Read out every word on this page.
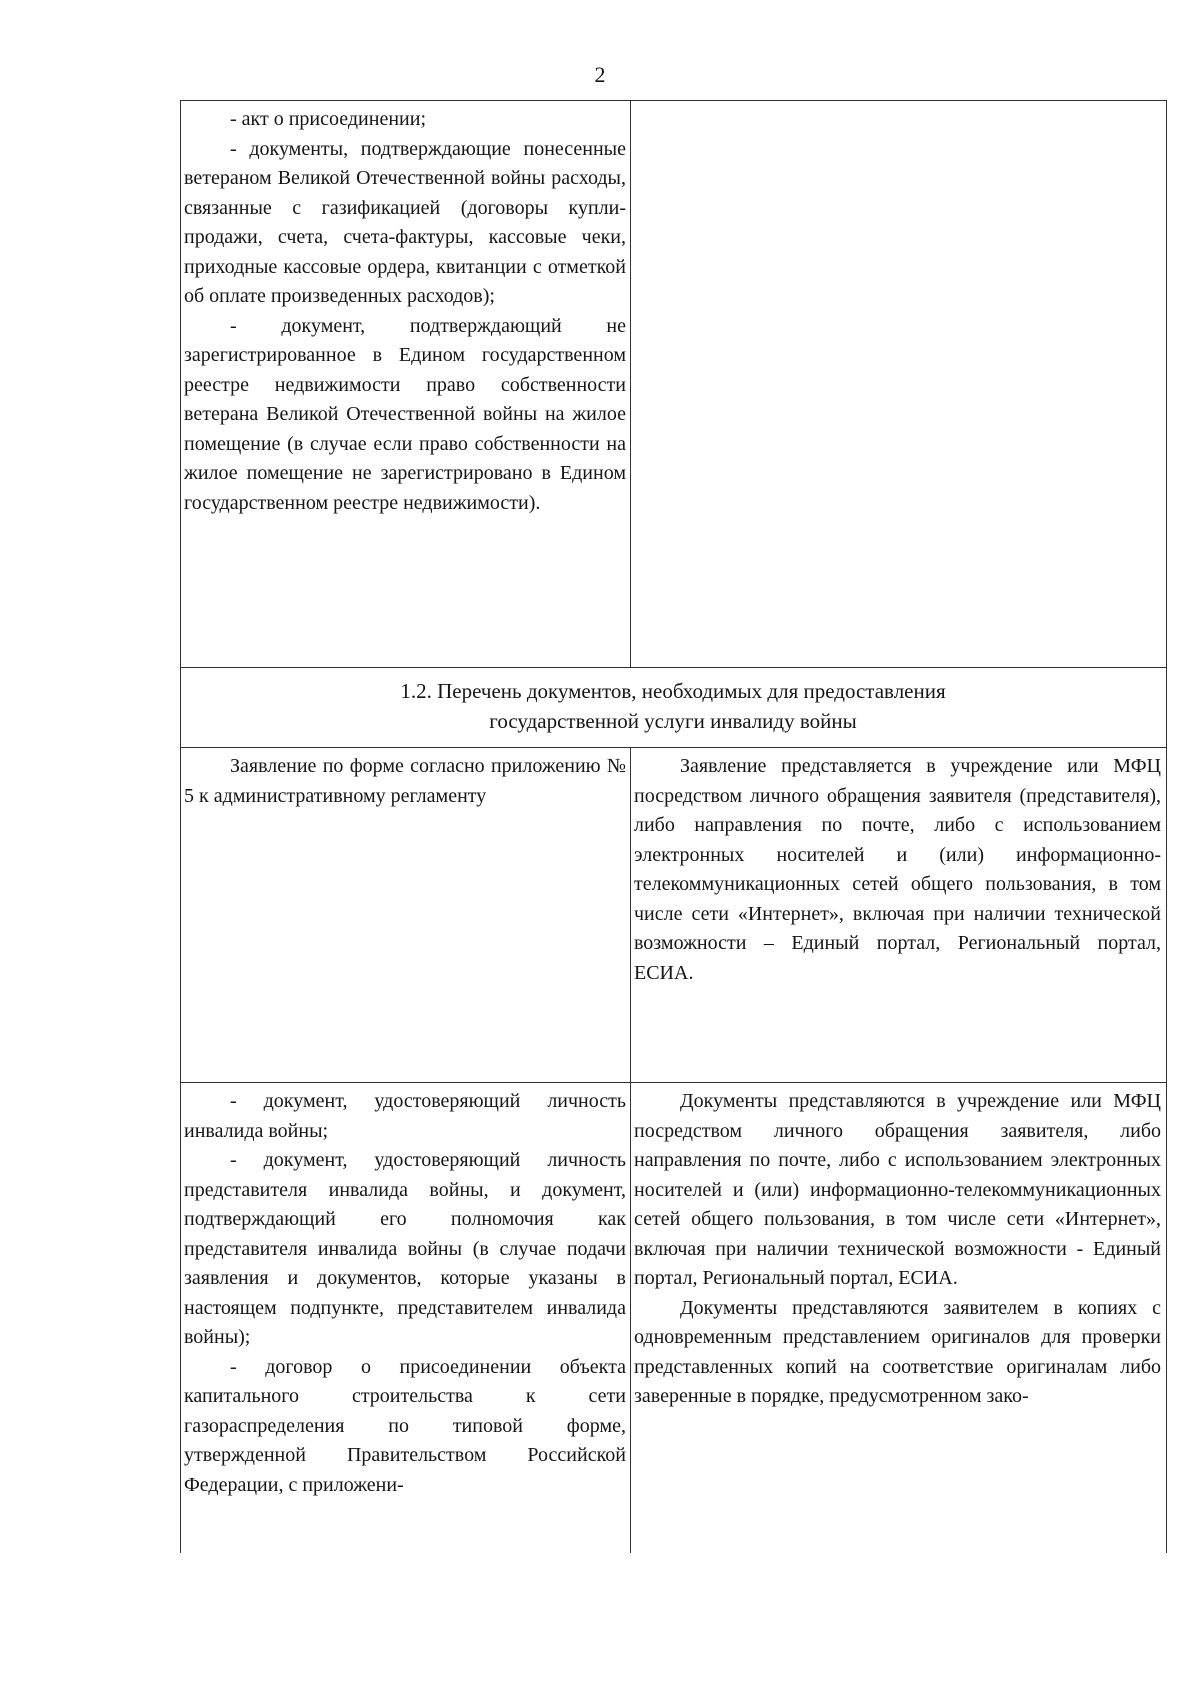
2

- акт о присоединении;

- документы, подтверждающие понесенные ветераном Великой Отечественной войны расходы, связанные с газификацией (договоры купли-продажи, счета, счета-фактуры, кассовые чеки, приходные кассовые ордера, квитанции с отметкой об оплате произведенных расходов);

- документ, подтверждающий не зарегистрированное в Едином государственном реестре недвижимости право собственности ветерана Великой Отечественной войны на жилое помещение (в случае если право собственности на жилое помещение не зарегистрировано в Едином государственном реестре недвижимости).

1.2. Перечень документов, необходимых для предоставления
государственной услуги инвалиду войны

Заявление по форме согласно приложению № 5 к административному регламенту

Заявление представляется в учреждение или МФЦ посредством личного обращения заявителя (представителя), либо направления по почте, либо с использованием электронных носителей и (или) информационно-телекоммуникационных сетей общего пользования, в том числе сети «Интернет», включая при наличии технической возможности – Единый портал, Региональный портал, ЕСИА.

- документ, удостоверяющий личность инвалида войны;

- документ, удостоверяющий личность представителя инвалида войны, и документ, подтверждающий его полномочия как представителя инвалида войны (в случае подачи заявления и документов, которые указаны в настоящем подпункте, представителем инвалида войны);

- договор о присоединении объекта капитального строительства к сети газораспределения по типовой форме, утвержденной Правительством Российской Федерации, с приложени-

Документы представляются в учреждение или МФЦ посредством личного обращения заявителя, либо направления по почте, либо с использованием электронных носителей и (или) информационно-телекоммуникационных сетей общего пользования, в том числе сети «Интернет», включая при наличии технической возможности - Единый портал, Региональный портал, ЕСИА.

Документы представляются заявителем в копиях с одновременным представлением оригиналов для проверки представленных копий на соответствие оригиналам либо заверенные в порядке, предусмотренном зако-
